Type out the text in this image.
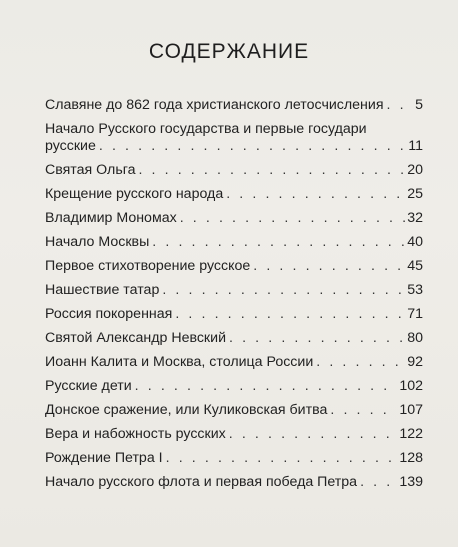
СОДЕРЖАНИЕ
Славяне до 862 года христианского летосчисления . . .	5
Начало Русского государства и первые государи
русские . . .	11
Святая Ольга . . .	20
Крещение русского народа . . .	25
Владимир Мономах . . .	32
Начало Москвы . . .	40
Первое стихотворение русское . . .	45
Нашествие татар . . .	53
Россия покоренная . . .	71
Святой Александр Невский . . .	80
Иоанн Калита и Москва, столица России . . .	92
Русские дети . . .	102
Донское сражение, или Куликовская битва . . .	107
Вера и набожность русских . . .	122
Рождение Петра I . . .	128
Начало русского флота и первая победа Петра . . .	139
